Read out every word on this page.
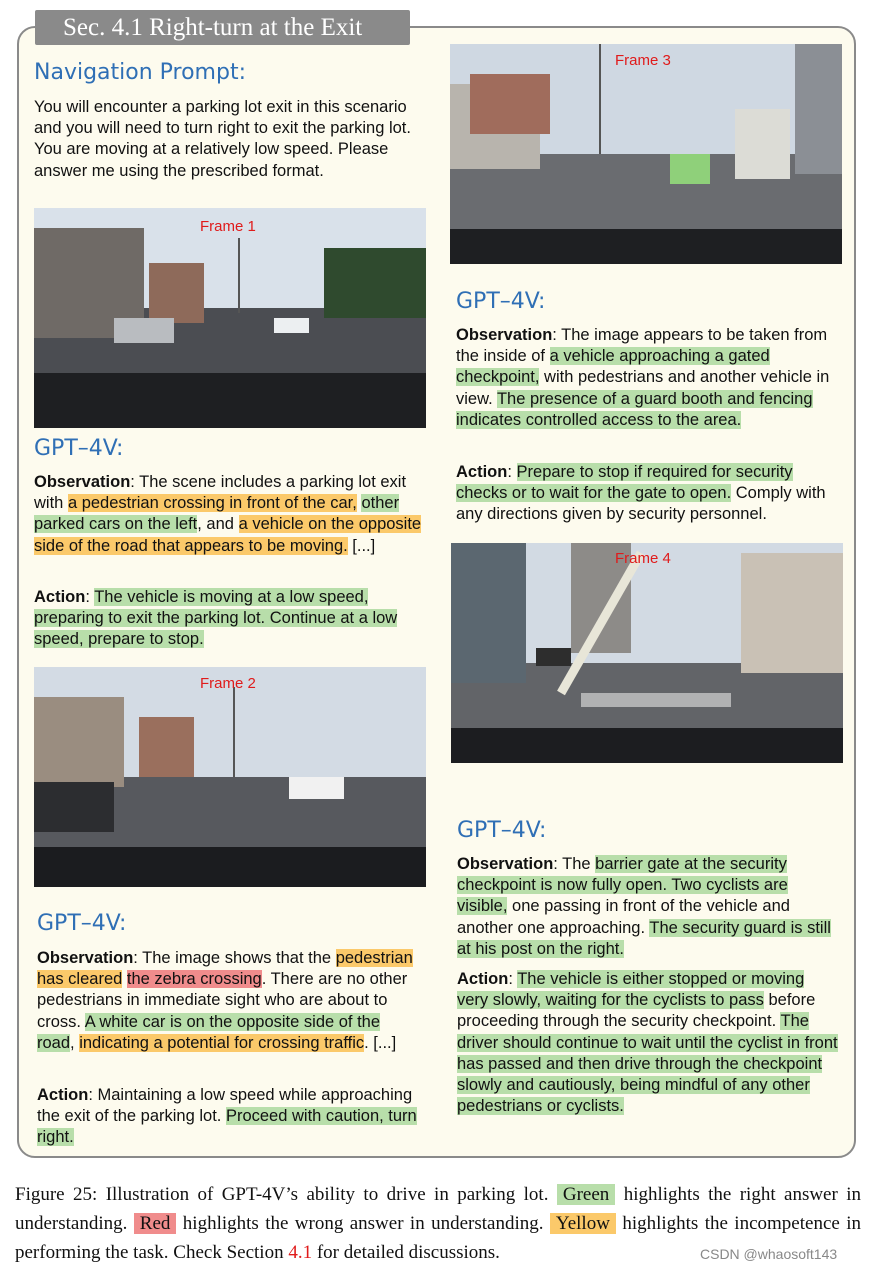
Sec. 4.1 Right-turn at the Exit
Navigation Prompt:
You will encounter a parking lot exit in this scenario and you will need to turn right to exit the parking lot. You are moving at a relatively low speed. Please answer me using the prescribed format.
Frame 1
GPT–4V:
Observation: The scene includes a parking lot exit with a pedestrian crossing in front of the car, other parked cars on the left, and a vehicle on the opposite side of the road that appears to be moving. [...]
Action: The vehicle is moving at a low speed, preparing to exit the parking lot. Continue at a low speed, prepare to stop.
Frame 2
GPT–4V:
Observation: The image shows that the pedestrian has cleared the zebra crossing. There are no other pedestrians in immediate sight who are about to cross. A white car is on the opposite side of the road, indicating a potential for crossing traffic. [...]
Action: Maintaining a low speed while approaching the exit of the parking lot. Proceed with caution, turn right.
Frame 3
GPT–4V:
Observation: The image appears to be taken from the inside of a vehicle approaching a gated checkpoint, with pedestrians and another vehicle in view. The presence of a guard booth and fencing indicates controlled access to the area.
Action: Prepare to stop if required for security checks or to wait for the gate to open. Comply with any directions given by security personnel.
Frame 4
GPT–4V:
Observation: The barrier gate at the security checkpoint is now fully open. Two cyclists are visible, one passing in front of the vehicle and another one approaching. The security guard is still at his post on the right.
Action: The vehicle is either stopped or moving very slowly, waiting for the cyclists to pass before proceeding through the security checkpoint. The driver should continue to wait until the cyclist in front has passed and then drive through the checkpoint slowly and cautiously, being mindful of any other pedestrians or cyclists.
Figure 25: Illustration of GPT-4V’s ability to drive in parking lot. Green highlights the right answer in understanding. Red highlights the wrong answer in understanding. Yellow highlights the incompetence in performing the task. Check Section 4.1 for detailed discussions.	CSDN @whaosoft143
